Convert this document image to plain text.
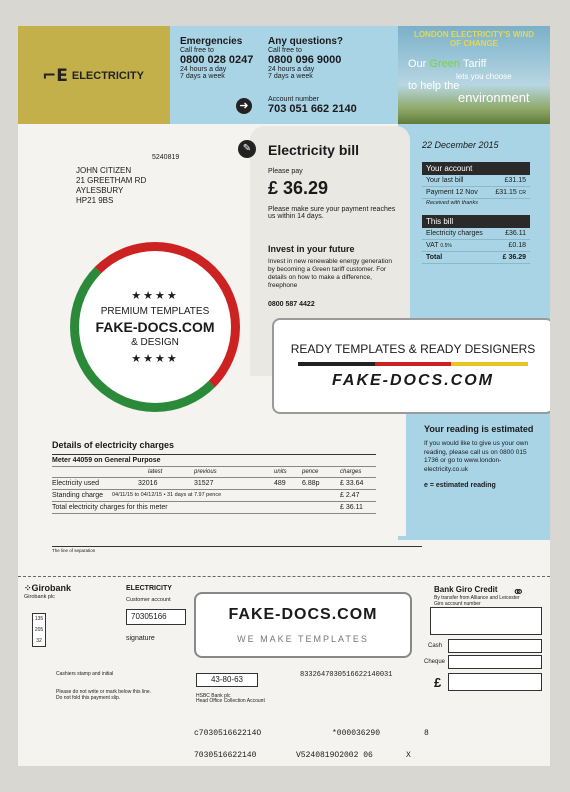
⌐E ELECTRICITY
Emergencies
Call free to
0800 028 0247
24 hours a day
7 days a week
Any questions?
Call free to
0800 096 9000
24 hours a day
7 days a week
➜
Account number
703 051 662 2140
LONDON ELECTRICITY'S WIND OF CHANGE
Our Green Tariff
lets you choose
to help the
environment
5240819
JOHN CITIZEN
21 GREETHAM RD
AYLESBURY
HP21 9BS
✎	Electricity bill
Please pay
£ 36.29
Please make sure your payment reaches us within 14 days.
Invest in your future
Invest in new renewable energy generation by becoming a Green tariff customer. For details on how to make a difference, freephone
0800 587 4422
22 December 2015
Your account
Your last bill	£31.15
Payment 12 Nov	£31.15 CR
Received with thanks
This bill
Electricity charges	£36.11
VAT 0.5%	£0.18
Total	£ 36.29
★★★★
PREMIUM TEMPLATES
FAKE-DOCS.COM
& DESIGN
★★★★
READY TEMPLATES & READY DESIGNERS
FAKE-DOCS.COM
Details of electricity charges
Meter 44059 on General Purpose
latest	previous	units	pence	charges
Electricity used	32016	31527	489	6.88p	£ 33.64
Standing charge	04/11/15 to 04/12/15 • 31 days at 7.97 pence	£ 2.47
Total electricity charges for this meter	£ 36.11
Your reading is estimated
If you would like to give us your own reading, please call us on 0800 015 1736 or go to www.london-electricity.co.uk
e = estimated reading
The line of separation
⁘Girobank
Girobank plc
135
205
32
ELECTRICITY
Customer account
70305166
signature
Cashiers stamp and initial
Please do not write or mark below this line.
Do not fold this payment slip.
43-80-63
HSBC Bank plc
Head Office Collection Account
8332647030516622140031
Bank Giro Credit ⚭
By transfer from Alliance and Leicester Giro account number
Cash
Cheque
£
c703051662214O	*000036290	8
7030516622140	V5240819O2002 06	X
FAKE-DOCS.COM
WE MAKE TEMPLATES
